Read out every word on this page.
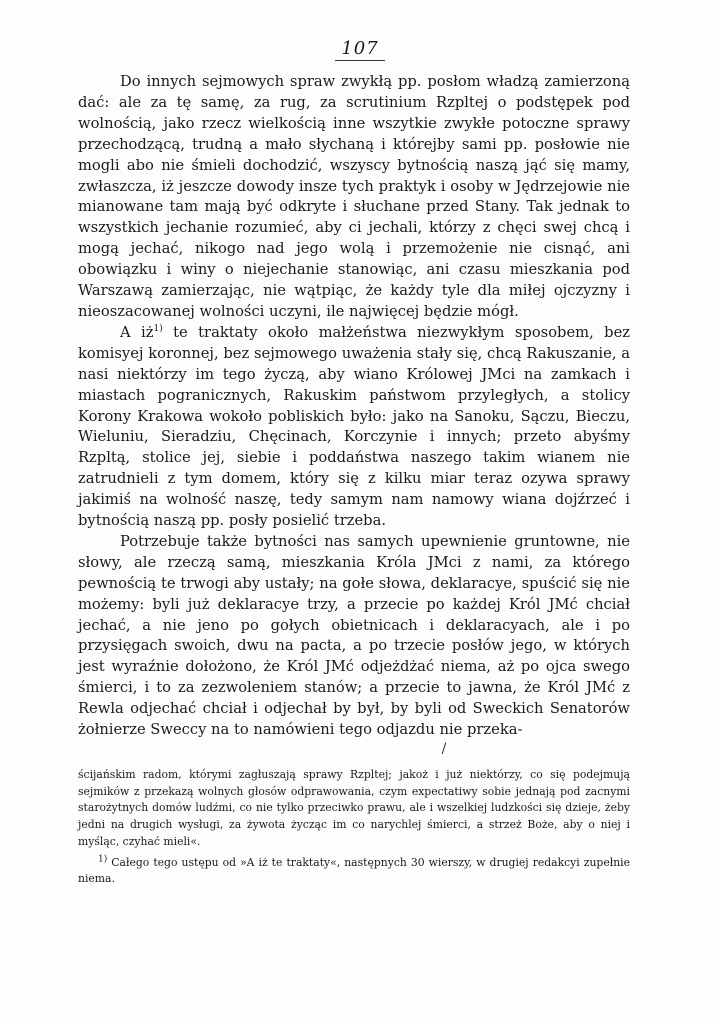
107

Do innych sejmowych spraw zwykłą pp. posłom władzą zamierzoną dać: ale za tę samę, za rug, za scrutinium Rzpltej o podstępek pod wolnością, jako rzecz wielkością inne wszytkie zwykłe potoczne sprawy przechodzącą, trudną a mało słychaną i którejby sami pp. posłowie nie mogli abo nie śmieli dochodzić, wszyscy bytnością naszą jąć się mamy, zwłaszcza, iż jeszcze dowody insze tych praktyk i osoby w Jędrzejowie nie mianowane tam mają być odkryte i słuchane przed Stany. Tak jednak to wszystkich jechanie rozumieć, aby ci jechali, którzy z chęci swej chcą i mogą jechać, nikogo nad jego wolą i przemożenie nie cisnąć, ani obowiązku i winy o niejechanie stanowiąc, ani czasu mieszkania pod Warszawą zamierzając, nie wątpiąc, że każdy tyle dla miłej ojczyzny i nieoszacowanej wolności uczyni, ile najwięcej będzie mógł.

A $iż^{1)}$ te traktaty około małżeństwa niezwykłym sposobem, bez komisyej koronnej, bez sejmowego uważenia stały się, chcą Rakuszanie, a nasi niektórzy im tego życzą, aby wiano Królowej JMci na zamkach i miastach pogranicznych, Rakuskim państwom przyległych, a stolicy Korony Krakowa wokoło pobliskich było: jako na Sanoku, Sączu, Bieczu, Wieluniu, Sieradziu, Chęcinach, Korczynie i innych; przeto abyśmy Rzpltą, stolice jej, siebie i poddaństwa naszego takim wianem nie zatrudnieli z tym domem, który się z kilku miar teraz ozywa sprawy jakimiś na wolność naszę, tedy samym nam namowy wiana dojźrzeć i bytnością naszą pp. posły posielić trzeba.

Potrzebuje także bytności nas samych upewnienie gruntowne, nie słowy, ale rzeczą samą, mieszkania Króla JMci z nami, za którego pewnością te trwogi aby ustały; na gołe słowa, deklaracye, spuścić się nie możemy: byli już deklaracye trzy, a przecie po każdej Król JMć chciał jechać, a nie jeno po gołych obietnicach i deklaracyach, ale i po przysięgach swoich, dwu na pacta, a po trzecie posłów jego, w których jest wyraźnie dołożono, że Król JMć odjeżdżać niema, aż po ojca swego śmierci, i to za zezwoleniem stanów; a przecie to jawna, że Król JMć z Rewla odjechać chciał i odjechał by był, by byli od Sweckich Senatorów żołnierze Sweccy na to namówieni tego odjazdu nie przeka-

/

ścijańskim radom, którymi zagłuszają sprawy Rzpltej; jakoż i już niektórzy, co się podejmują sejmików z przekazą wolnych głosów odprawowania, czym expectatiwy sobie jednają pod zacnymi starożytnych domów ludźmi, co nie tylko przeciwko prawu, ale i wszelkiej ludzkości się dzieje, żeby jedni na drugich wysługi, za żywota życząc im co narychlej śmierci, a strzeż Boże, aby o niej i myśląc, czyhać mieli«.

$^{1)}$ Całego tego ustępu od »A iż te traktaty«, następnych 30 wierszy, w drugiej redakcyi zupełnie niema.
